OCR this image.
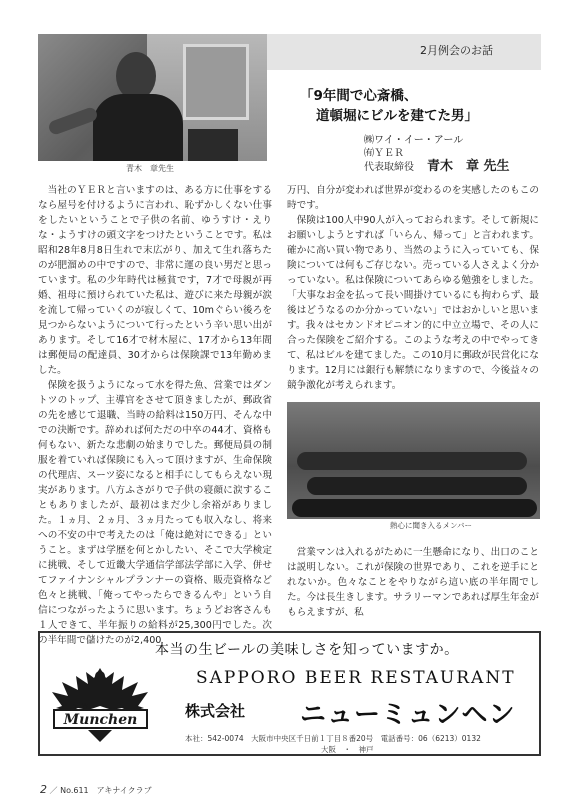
青木　章先生
2月例会のお話
「9年間で心斎橋、
道頓堀にビルを建てた男」
㈱ワイ・イー・アール
㈲ＹＥＲ
代表取締役 青木　章 先生

当社のＹＥＲと言いますのは、ある方に仕事をするなら屋号を付けるように言われ、恥ずかしくない仕事をしたいということで子供の名前、ゆうすけ・えりな・ようすけの頭文字をつけたということです。私は昭和28年8月8日生れで末広がり、加えて生れ落ちたのが肥溜めの中ですので、非常に運の良い男だと思っています。私の少年時代は極貧です，7才で母親が再婚、祖母に預けられていた私は、遊びに来た母親が涙を流して帰っていくのが寂しくて、10mぐらい後ろを見つからないようについて行ったという辛い思い出があります。そして16才で材木屋に、17才から13年間は郵便局の配達員、30才からは保険課で13年勤めました。

保険を扱うようになって水を得た魚、営業ではダントツのトップ、主導官をさせて頂きましたが、郵政省の先を感じて退職、当時の給料は150万円、そんな中での決断です。辞めれば何ただの中卒の44才、資格も何もない、新たな悲劇の始まりでした。郵便局員の制服を着ていれば保険にも入って頂けますが、生命保険の代理店、スーツ姿になると相手にしてもらえない現実があります。八方ふさがりで子供の寝顔に涙することもありましたが、最初はまだ少し余裕がありました。１ヵ月、２ヵ月、３ヵ月たっても収入なし、将来への不安の中で考えたのは「俺は絶対にできる」ということ。まずは学歴を何とかしたい、そこで大学検定に挑戦、そして近畿大学通信学部法学部に入学、併せてファイナンシャルプランナーの資格、販売資格など色々と挑戦、「俺ってやったらできるんや」という自信につながったように思います。ちょうどお客さんも１人できて、半年振りの給料が25,300円でした。次の半年間で儲けたのが2,400

万円、自分が変われば世界が変わるのを実感したのもこの時です。

保険は100人中90人が入っておられます。そして新規にお願いしようとすれば「いらん、帰って」と言われます。確かに高い買い物であり、当然のように入っていても、保険については何もご存じない。売っている人さえよく分かっていない。私は保険についてあらゆる勉強をしました。「大事なお金を払って長い間掛けているにも拘わらず、最後はどうなるのか分かっていない」ではおかしいと思います。我々はセカンドオピニオン的に中立立場で、その人に合った保険をご紹介する。このような考えの中でやってきて、私はビルを建てました。この10月に郵政が民営化になります。12月には銀行も解禁になりますので、今後益々の競争激化が考えられます。

熱心に聞き入るメンバー

営業マンは入れるがために一生懸命になり、出口のことは説明しない。これが保険の世界であり、これを逆手にとれないか。色々なことをやりながら這い底の半年間でした。今は長生きします。サラリーマンであれば厚生年金がもらえますが、私

本当の生ビールの美味しさを知っていますか。
SAPPORO BEER RESTAURANT
株式会社 ニューミュンヘン
本社：542-0074　大阪市中央区千日前１丁目８番20号　電話番号：06（6213）0132
大阪　・　神戸
Munchen
NEW
2 ／ No.611　アキナイクラブ
